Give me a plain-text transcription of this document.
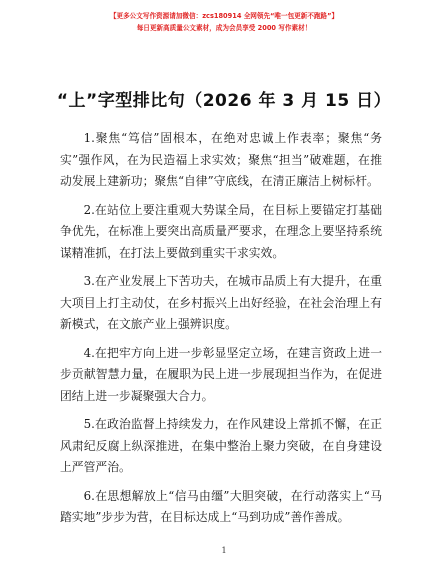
【更多公文写作资源请加微信：zcs180914 全网领先“唯一包更新不跑路”】
每日更新高质量公文素材，成为会员享受 2000 写作素材！
“上”字型排比句（2026 年 3 月 15 日）

1.聚焦“笃信”固根本，在绝对忠诚上作表率；聚焦“务实”强作风，在为民造福上求实效；聚焦“担当”破难题，在推动发展上建新功；聚焦“自律”守底线，在清正廉洁上树标杆。

2.在站位上要注重观大势谋全局，在目标上要锚定打基础争优先，在标准上要突出高质量严要求，在理念上要坚持系统谋精准抓，在打法上要做到重实干求实效。

3.在产业发展上下苦功夫，在城市品质上有大提升，在重大项目上打主动仗，在乡村振兴上出好经验，在社会治理上有新模式，在文旅产业上强辨识度。

4.在把牢方向上进一步彰显坚定立场，在建言资政上进一步贡献智慧力量，在履职为民上进一步展现担当作为，在促进团结上进一步凝聚强大合力。

5.在政治监督上持续发力，在作风建设上常抓不懈，在正风肃纪反腐上纵深推进，在集中整治上聚力突破，在自身建设上严管严治。

6.在思想解放上“信马由缰”大胆突破，在行动落实上“马踏实地”步步为营，在目标达成上“马到功成”善作善成。

1
